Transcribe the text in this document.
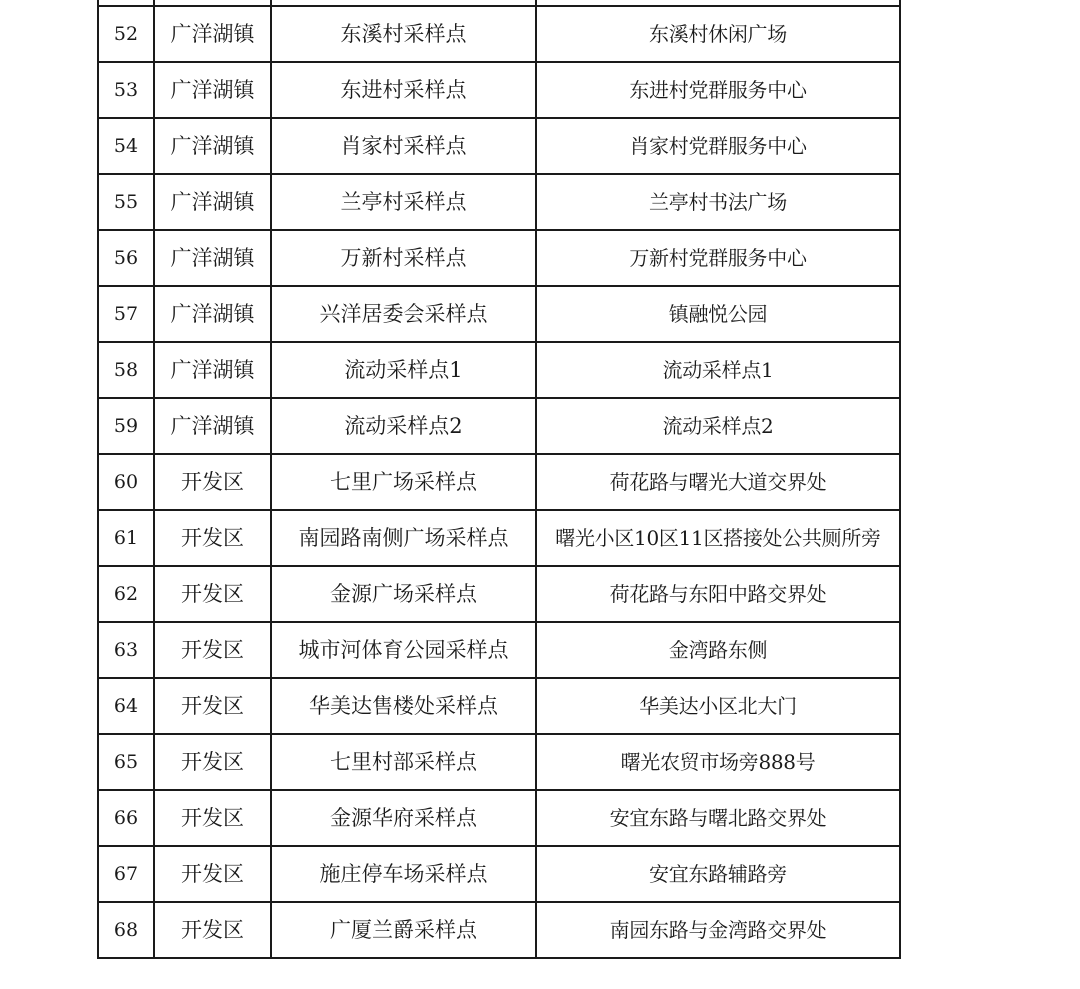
52	广洋湖镇	东溪村采样点	东溪村休闲广场
53	广洋湖镇	东进村采样点	东进村党群服务中心
54	广洋湖镇	肖家村采样点	肖家村党群服务中心
55	广洋湖镇	兰亭村采样点	兰亭村书法广场
56	广洋湖镇	万新村采样点	万新村党群服务中心
57	广洋湖镇	兴洋居委会采样点	镇融悦公园
58	广洋湖镇	流动采样点1	流动采样点1
59	广洋湖镇	流动采样点2	流动采样点2
60	开发区	七里广场采样点	荷花路与曙光大道交界处
61	开发区	南园路南侧广场采样点	曙光小区10区11区搭接处公共厕所旁
62	开发区	金源广场采样点	荷花路与东阳中路交界处
63	开发区	城市河体育公园采样点	金湾路东侧
64	开发区	华美达售楼处采样点	华美达小区北大门
65	开发区	七里村部采样点	曙光农贸市场旁888号
66	开发区	金源华府采样点	安宜东路与曙北路交界处
67	开发区	施庄停车场采样点	安宜东路辅路旁
68	开发区	广厦兰爵采样点	南园东路与金湾路交界处
